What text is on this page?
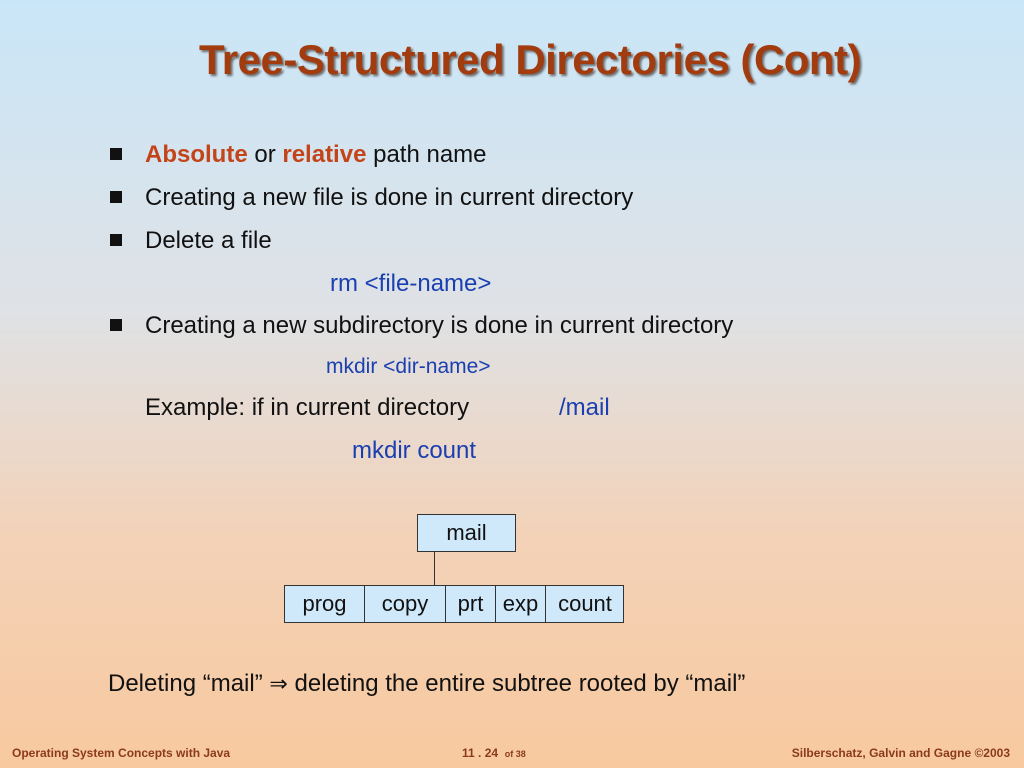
Tree-Structured Directories (Cont)
Absolute or relative path name
Creating a new file is done in current directory
Delete a file
Creating a new subdirectory is done in current directory
rm <file-name>
mkdir <dir-name>
Example: if in current directory	/mail
mkdir count
mail
prog	copy	prt exp count
Deleting “mail” ⇒ deleting the entire subtree rooted by “mail”
Operating System Concepts with Java	11 . 24 of 38	Silberschatz, Galvin and Gagne ©2003
